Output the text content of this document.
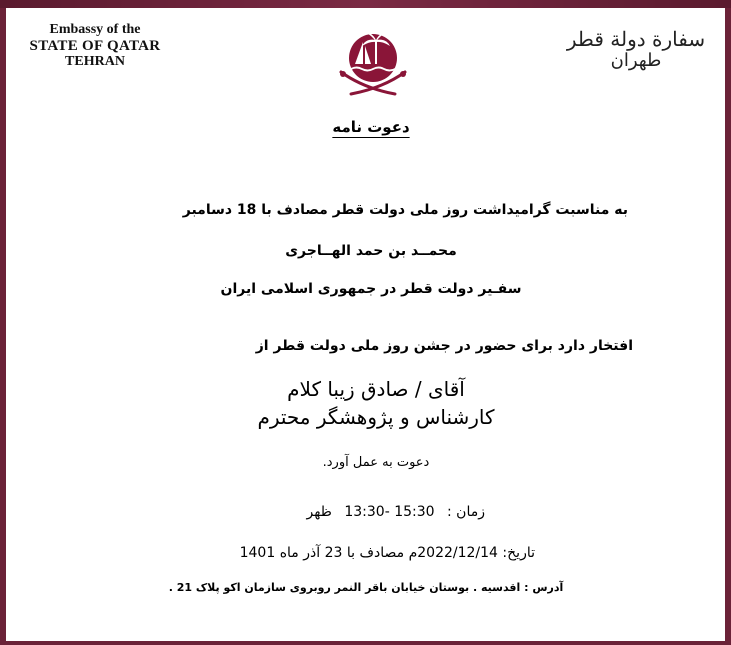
Embassy of the
STATE OF QATAR
TEHRAN
سفارة دولة قطر
طهران
دعوت نامه
به مناسبت گرامیداشت روز ملی دولت قطر مصادف با 18 دسامبر
محمــد بن حمد الهــاجری
سفـیر دولت قطر در جمهوری اسلامی ایران
افتخار دارد برای حضور در جشن روز ملی دولت قطر از
آقای / صادق زیبا کلام
کارشناس و پژوهشگر محترم
دعوت به عمل آورد.
زمان : 15:30 -13:30 ظهر
تاریخ: 2022/12/14م مصادف با 23 آذر ماه 1401
آدرس : اقدسیه . بوستان خیابان باقر النمر روبروی سازمان اکو پلاک 21 .
